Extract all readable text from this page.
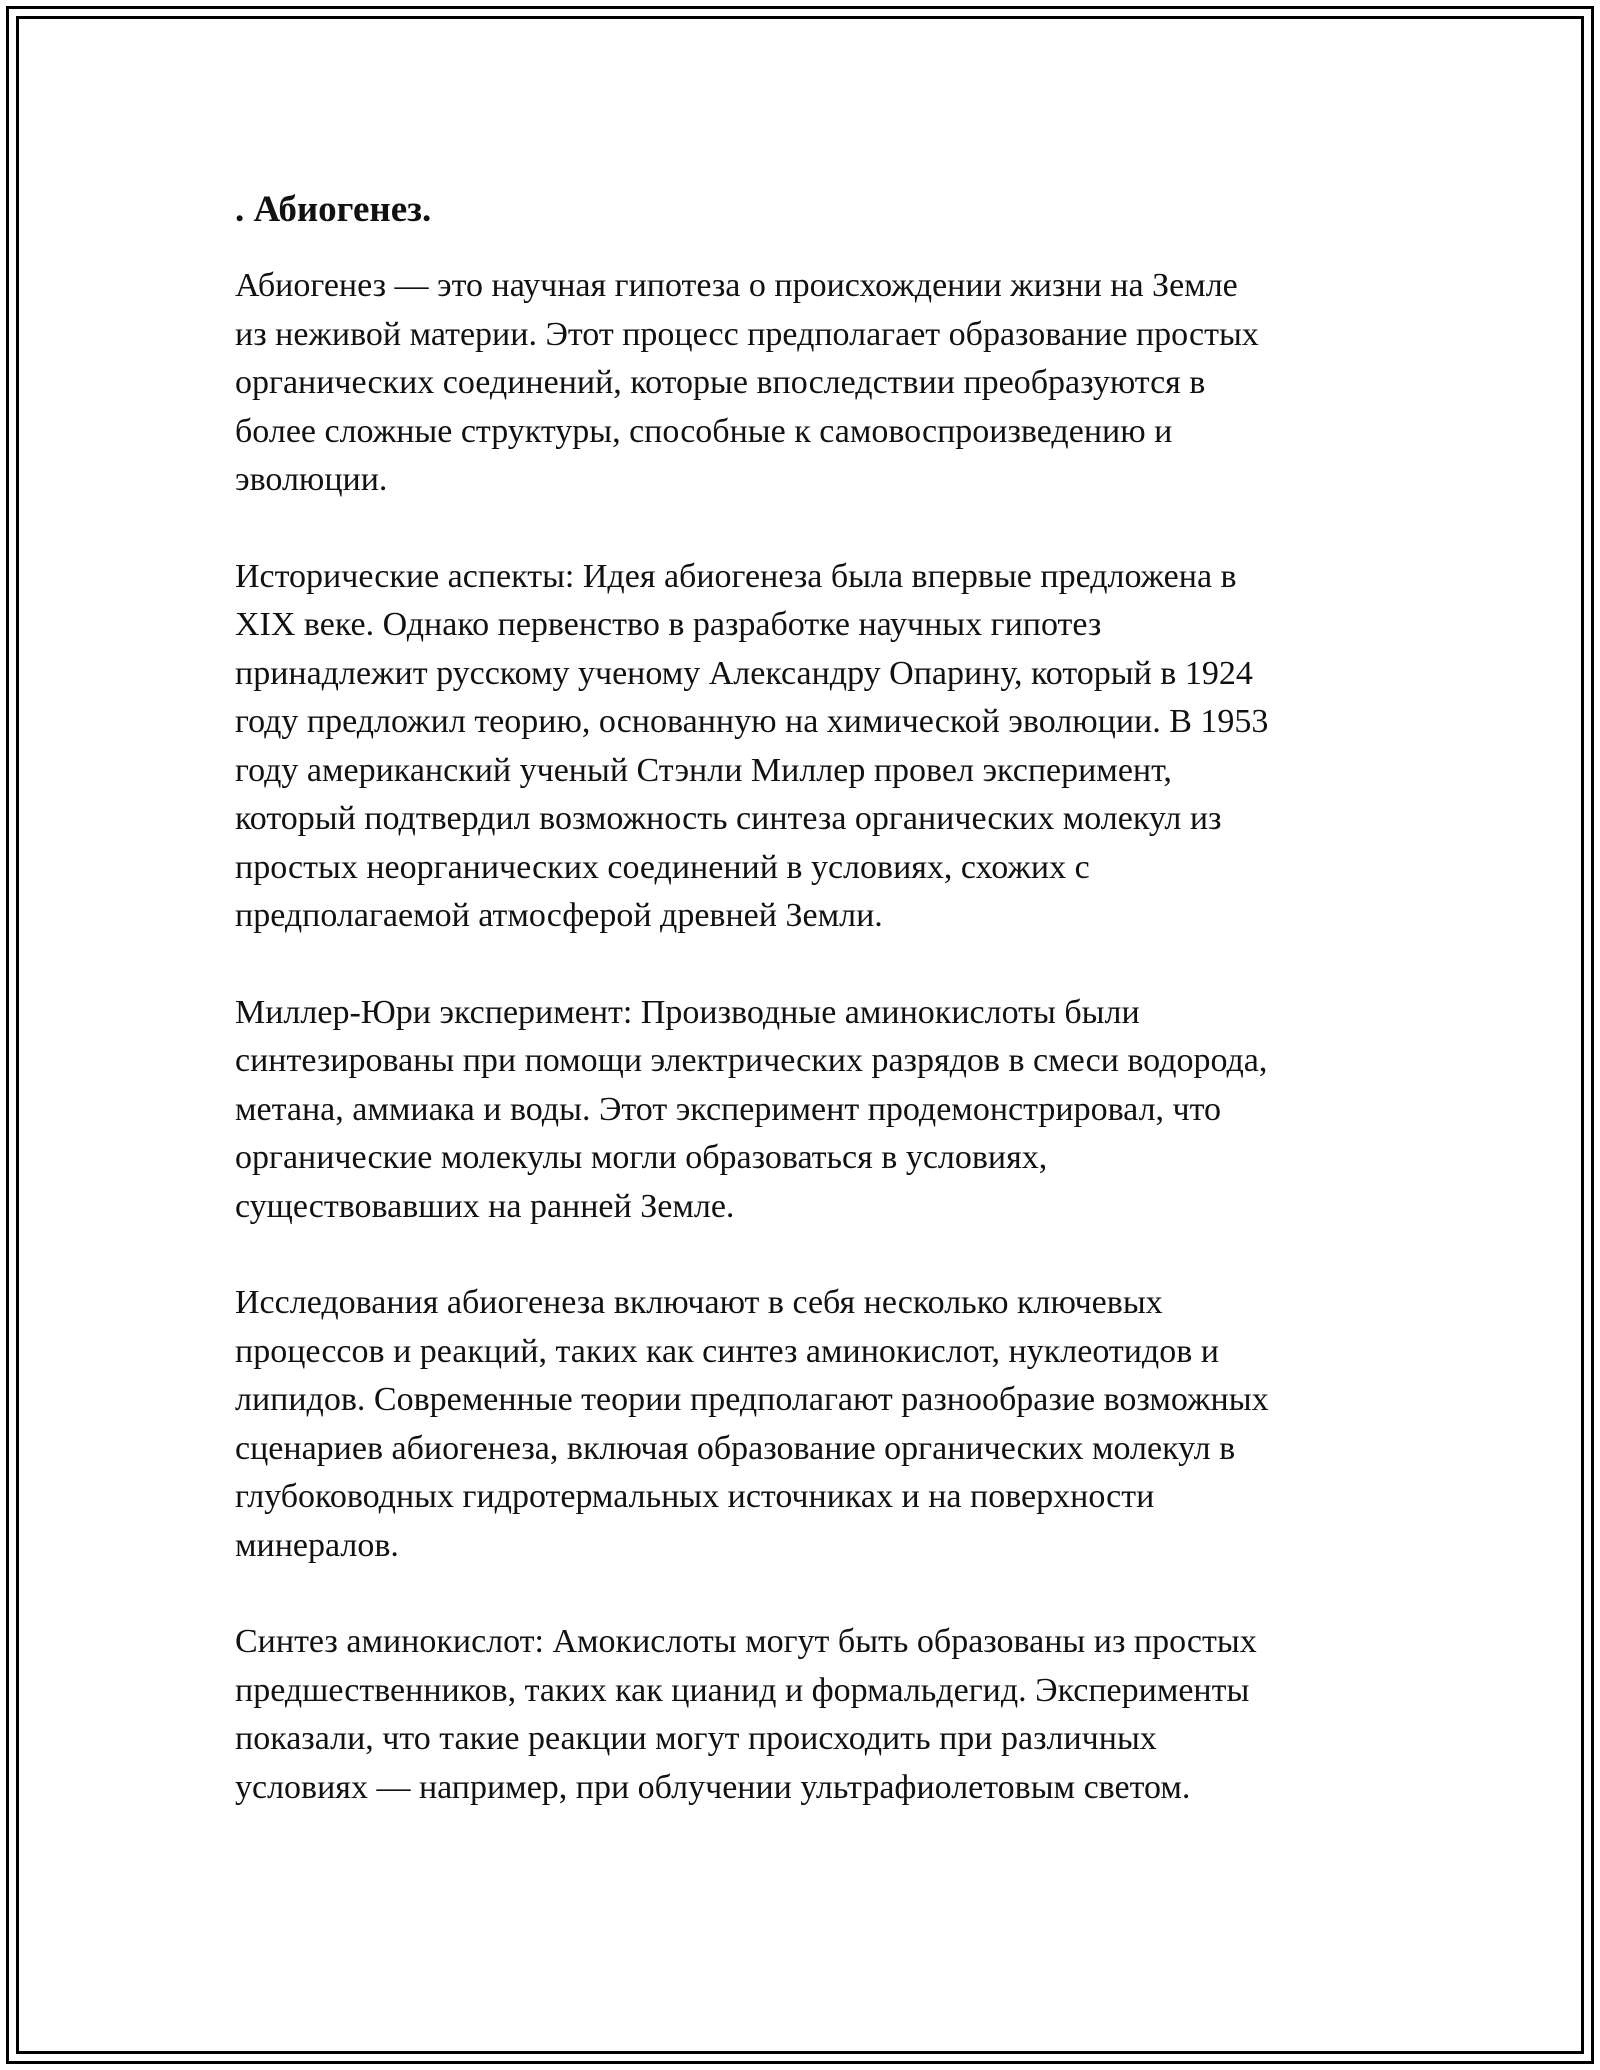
. Абиогенез.

Абиогенез — это научная гипотеза о происхождении жизни на Земле
из неживой материи. Этот процесс предполагает образование простых
органических соединений, которые впоследствии преобразуются в
более сложные структуры, способные к самовоспроизведению и
эволюции.

Исторические аспекты: Идея абиогенеза была впервые предложена в
XIX веке. Однако первенство в разработке научных гипотез
принадлежит русскому ученому Александру Опарину, который в 1924
году предложил теорию, основанную на химической эволюции. В 1953
году американский ученый Стэнли Миллер провел эксперимент,
который подтвердил возможность синтеза органических молекул из
простых неорганических соединений в условиях, схожих с
предполагаемой атмосферой древней Земли.

Миллер-Юри эксперимент: Производные аминокислоты были
синтезированы при помощи электрических разрядов в смеси водорода,
метана, аммиака и воды. Этот эксперимент продемонстрировал, что
органические молекулы могли образоваться в условиях,
существовавших на ранней Земле.

Исследования абиогенеза включают в себя несколько ключевых
процессов и реакций, таких как синтез аминокислот, нуклеотидов и
липидов. Современные теории предполагают разнообразие возможных
сценариев абиогенеза, включая образование органических молекул в
глубоководных гидротермальных источниках и на поверхности
минералов.

Синтез аминокислот: Амокислоты могут быть образованы из простых
предшественников, таких как цианид и формальдегид. Эксперименты
показали, что такие реакции могут происходить при различных
условиях — например, при облучении ультрафиолетовым светом.
